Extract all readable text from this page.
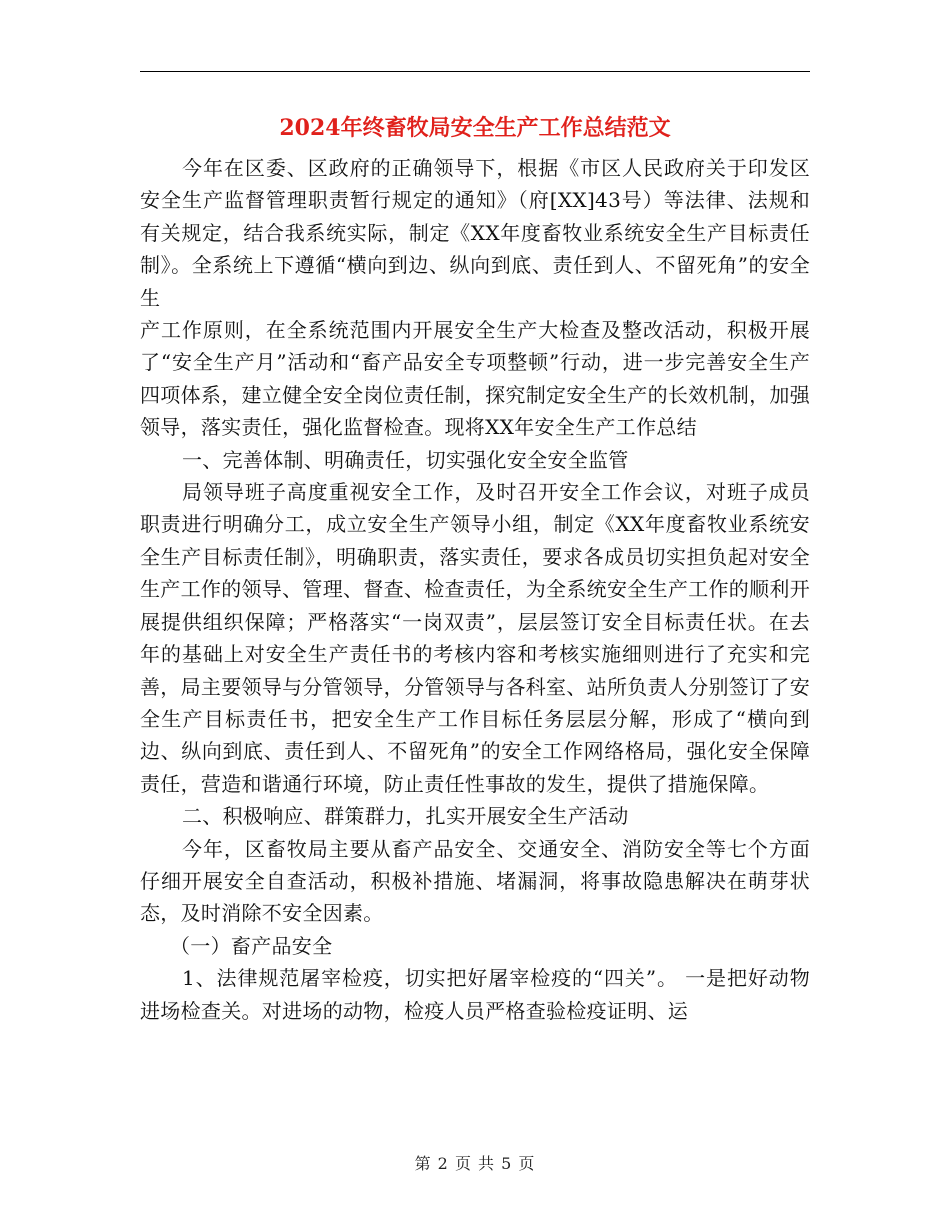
2024年终畜牧局安全生产工作总结范文

今年在区委、区政府的正确领导下，根据《市区人民政府关于印发区安全生产监督管理职责暂行规定的通知》（府[XX]43号）等法律、法规和有关规定，结合我系统实际，制定《XX年度畜牧业系统安全生产目标责任制》。全系统上下遵循“横向到边、纵向到底、责任到人、不留死角”的安全生

产工作原则，在全系统范围内开展安全生产大检查及整改活动，积极开展了“安全生产月”活动和“畜产品安全专项整顿”行动，进一步完善安全生产四项体系，建立健全安全岗位责任制，探究制定安全生产的长效机制，加强领导，落实责任，强化监督检查。现将XX年安全生产工作总结

一、完善体制、明确责任，切实强化安全安全监管

局领导班子高度重视安全工作，及时召开安全工作会议，对班子成员职责进行明确分工，成立安全生产领导小组，制定《XX年度畜牧业系统安全生产目标责任制》，明确职责，落实责任，要求各成员切实担负起对安全生产工作的领导、管理、督查、检查责任，为全系统安全生产工作的顺利开展提供组织保障；严格落实“一岗双责”，层层签订安全目标责任状。在去年的基础上对安全生产责任书的考核内容和考核实施细则进行了充实和完善，局主要领导与分管领导，分管领导与各科室、站所负责人分别签订了安全生产目标责任书，把安全生产工作目标任务层层分解，形成了“横向到边、纵向到底、责任到人、不留死角”的安全工作网络格局，强化安全保障责任，营造和谐通行环境，防止责任性事故的发生，提供了措施保障。

二、积极响应、群策群力，扎实开展安全生产活动

今年，区畜牧局主要从畜产品安全、交通安全、消防安全等七个方面仔细开展安全自查活动，积极补措施、堵漏洞，将事故隐患解决在萌芽状态，及时消除不安全因素。

（一）畜产品安全

1、法律规范屠宰检疫，切实把好屠宰检疫的“四关”。 一是把好动物进场检查关。对进场的动物，检疫人员严格查验检疫证明、运

第 2 页 共 5 页
